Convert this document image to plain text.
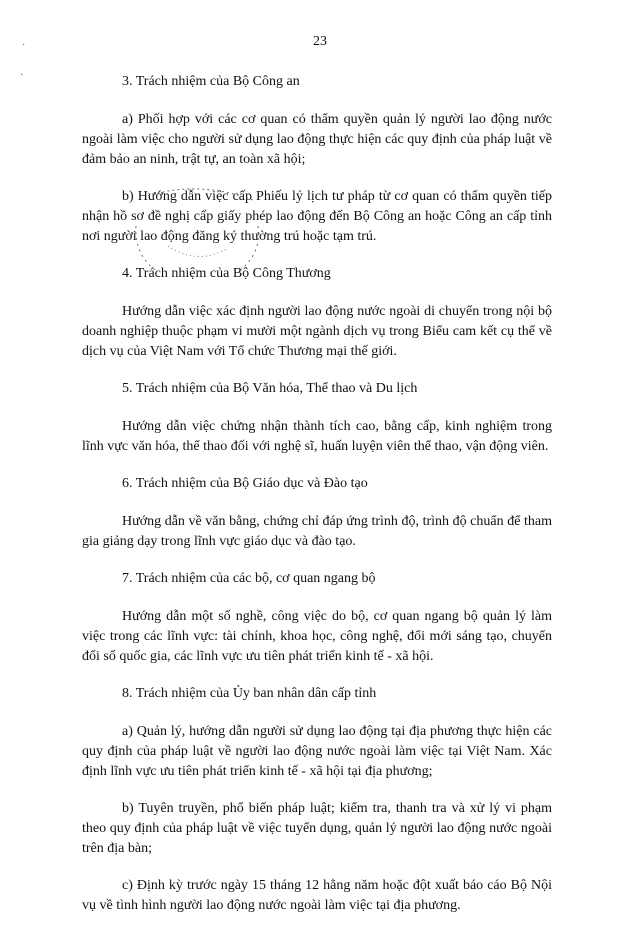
23
·
·	3. Trách nhiệm của Bộ Công an

a) Phối hợp với các cơ quan có thẩm quyền quản lý người lao động nước ngoài làm việc cho người sử dụng lao động thực hiện các quy định của pháp luật về đảm bảo an ninh, trật tự, an toàn xã hội;

b) Hướng dẫn việc cấp Phiếu lý lịch tư pháp từ cơ quan có thẩm quyền tiếp nhận hồ sơ đề nghị cấp giấy phép lao động đến Bộ Công an hoặc Công an cấp tỉnh nơi người lao động đăng ký thường trú hoặc tạm trú.

4. Trách nhiệm của Bộ Công Thương

Hướng dẫn việc xác định người lao động nước ngoài di chuyển trong nội bộ doanh nghiệp thuộc phạm vi mười một ngành dịch vụ trong Biểu cam kết cụ thể về dịch vụ của Việt Nam với Tổ chức Thương mại thế giới.

5. Trách nhiệm của Bộ Văn hóa, Thể thao và Du lịch

Hướng dẫn việc chứng nhận thành tích cao, bằng cấp, kinh nghiệm trong lĩnh vực văn hóa, thể thao đối với nghệ sĩ, huấn luyện viên thể thao, vận động viên.

6. Trách nhiệm của Bộ Giáo dục và Đào tạo

Hướng dẫn về văn bằng, chứng chỉ đáp ứng trình độ, trình độ chuẩn để tham gia giảng dạy trong lĩnh vực giáo dục và đào tạo.

7. Trách nhiệm của các bộ, cơ quan ngang bộ

Hướng dẫn một số nghề, công việc do bộ, cơ quan ngang bộ quản lý làm việc trong các lĩnh vực: tài chính, khoa học, công nghệ, đổi mới sáng tạo, chuyển đổi số quốc gia, các lĩnh vực ưu tiên phát triển kinh tế - xã hội.

8. Trách nhiệm của Ủy ban nhân dân cấp tỉnh

a) Quản lý, hướng dẫn người sử dụng lao động tại địa phương thực hiện các quy định của pháp luật về người lao động nước ngoài làm việc tại Việt Nam. Xác định lĩnh vực ưu tiên phát triển kinh tế - xã hội tại địa phương;

b) Tuyên truyền, phổ biến pháp luật; kiểm tra, thanh tra và xử lý vi phạm theo quy định của pháp luật về việc tuyển dụng, quản lý người lao động nước ngoài trên địa bàn;

c) Định kỳ trước ngày 15 tháng 12 hằng năm hoặc đột xuất báo cáo Bộ Nội vụ về tình hình người lao động nước ngoài làm việc tại địa phương.
